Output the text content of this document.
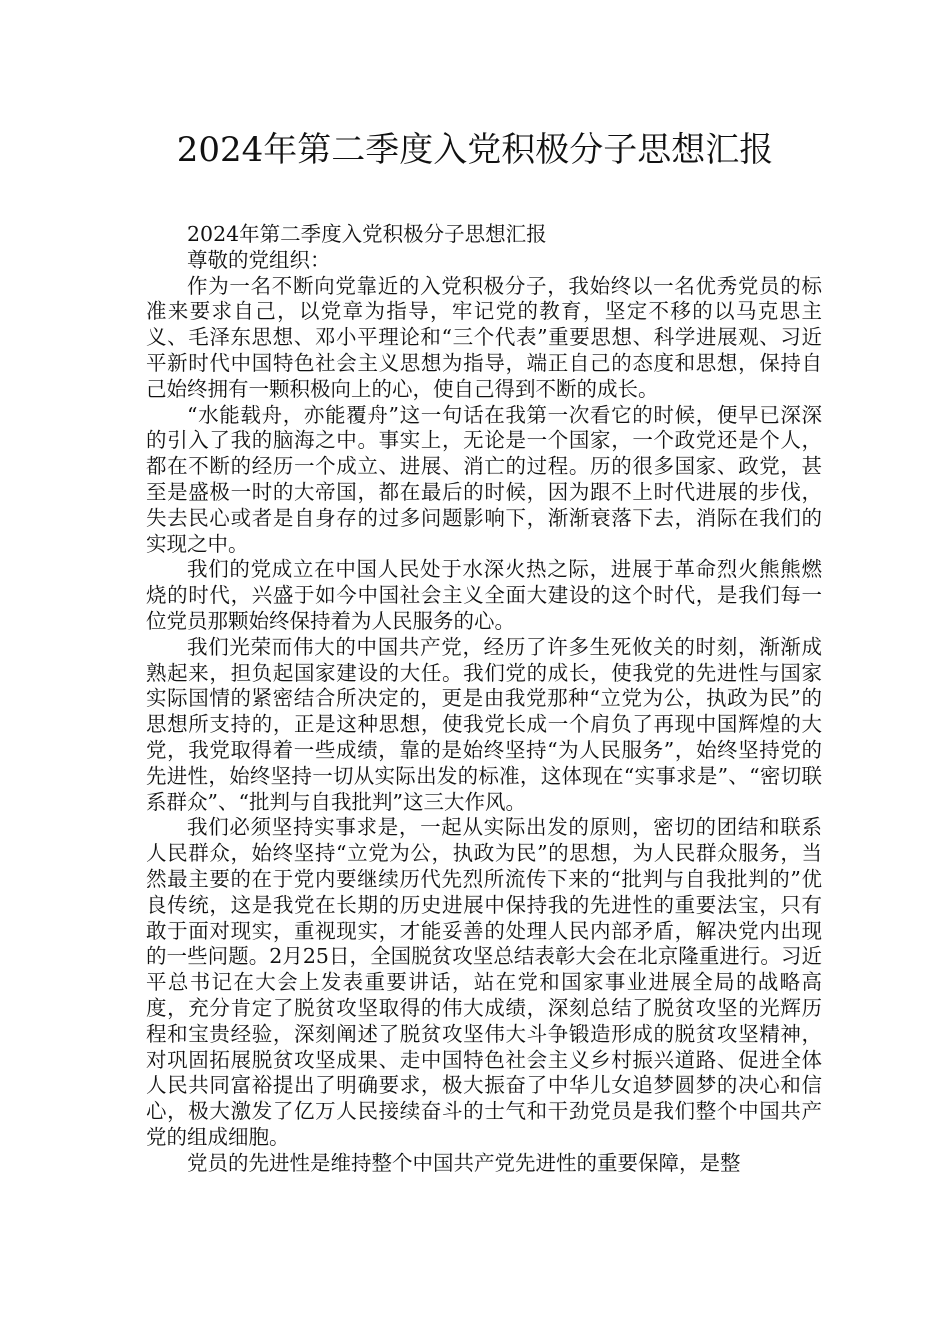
2024年第二季度入党积极分子思想汇报

2024年第二季度入党积极分子思想汇报

尊敬的党组织：

作为一名不断向党靠近的入党积极分子，我始终以一名优秀党员的标准来要求自己，以党章为指导，牢记党的教育，坚定不移的以马克思主义、毛泽东思想、邓小平理论和“三个代表”重要思想、科学进展观、习近平新时代中国特色社会主义思想为指导，端正自己的态度和思想，保持自己始终拥有一颗积极向上的心，使自己得到不断的成长。

“水能载舟，亦能覆舟”这一句话在我第一次看它的时候，便早已深深的引入了我的脑海之中。事实上，无论是一个国家，一个政党还是个人，都在不断的经历一个成立、进展、消亡的过程。历的很多国家、政党，甚至是盛极一时的大帝国，都在最后的时候，因为跟不上时代进展的步伐，失去民心或者是自身存的过多问题影响下，渐渐衰落下去，消际在我们的实现之中。

我们的党成立在中国人民处于水深火热之际，进展于革命烈火熊熊燃烧的时代，兴盛于如今中国社会主义全面大建设的这个时代，是我们每一位党员那颗始终保持着为人民服务的心。

我们光荣而伟大的中国共产党，经历了许多生死攸关的时刻，渐渐成熟起来，担负起国家建设的大任。我们党的成长，使我党的先进性与国家实际国情的紧密结合所决定的，更是由我党那种“立党为公，执政为民”的思想所支持的，正是这种思想，使我党长成一个肩负了再现中国辉煌的大党，我党取得着一些成绩，靠的是始终坚持“为人民服务”，始终坚持党的先进性，始终坚持一切从实际出发的标准，这体现在“实事求是”、“密切联系群众”、“批判与自我批判”这三大作风。

我们必须坚持实事求是，一起从实际出发的原则，密切的团结和联系人民群众，始终坚持“立党为公，执政为民”的思想，为人民群众服务，当然最主要的在于党内要继续历代先烈所流传下来的“批判与自我批判的”优良传统，这是我党在长期的历史进展中保持我的先进性的重要法宝，只有敢于面对现实，重视现实，才能妥善的处理人民内部矛盾，解决党内出现的一些问题。2月25日，全国脱贫攻坚总结表彰大会在北京隆重进行。习近平总书记在大会上发表重要讲话，站在党和国家事业进展全局的战略高度，充分肯定了脱贫攻坚取得的伟大成绩，深刻总结了脱贫攻坚的光辉历程和宝贵经验，深刻阐述了脱贫攻坚伟大斗争锻造形成的脱贫攻坚精神，对巩固拓展脱贫攻坚成果、走中国特色社会主义乡村振兴道路、促进全体人民共同富裕提出了明确要求，极大振奋了中华儿女追梦圆梦的决心和信心，极大激发了亿万人民接续奋斗的士气和干劲党员是我们整个中国共产党的组成细胞。

党员的先进性是维持整个中国共产党先进性的重要保障，是整
